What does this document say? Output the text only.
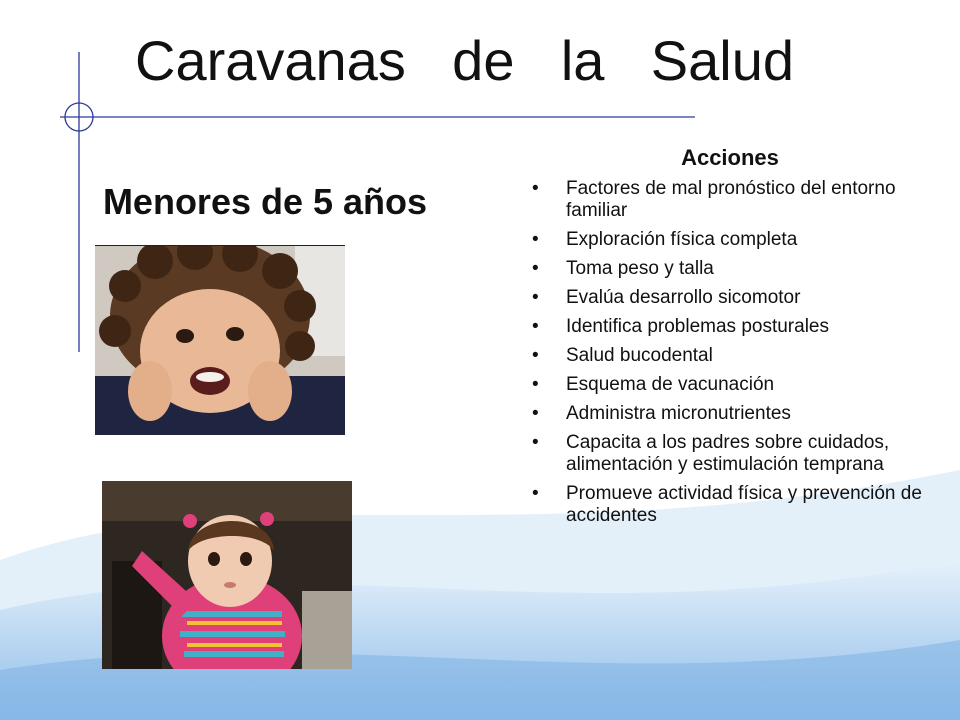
Caravanas de la Salud
Menores de 5 años
Acciones
• Factores de mal pronóstico del entorno familiar
• Exploración física completa
• Toma peso y talla
• Evalúa desarrollo sicomotor
• Identifica problemas posturales
• Salud bucodental
• Esquema de vacunación
• Administra micronutrientes
• Capacita a los padres sobre cuidados, alimentación y estimulación temprana
• Promueve actividad física y prevención de accidentes
